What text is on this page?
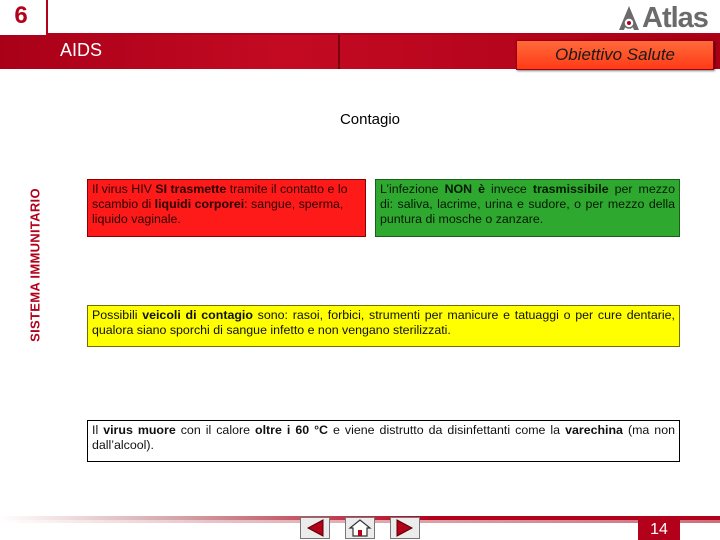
6	Atlas
AIDS	Obiettivo Salute
SISTEMA IMMUNITARIO
Contagio
Il virus HIV SI trasmette tramite il contatto e lo scambio di liquidi corporei: sangue, sperma, liquido vaginale.
L’infezione NON è invece trasmissibile per mezzo di: saliva, lacrime, urina e sudore, o per mezzo della puntura di mosche o zanzare.
Possibili veicoli di contagio sono: rasoi, forbici, strumenti per manicure e tatuaggi o per cure dentarie, qualora siano sporchi di sangue infetto e non vengano sterilizzati.
Il virus muore con il calore oltre i 60 °C e viene distrutto da disinfettanti come la varechina (ma non dall’alcool).
14
